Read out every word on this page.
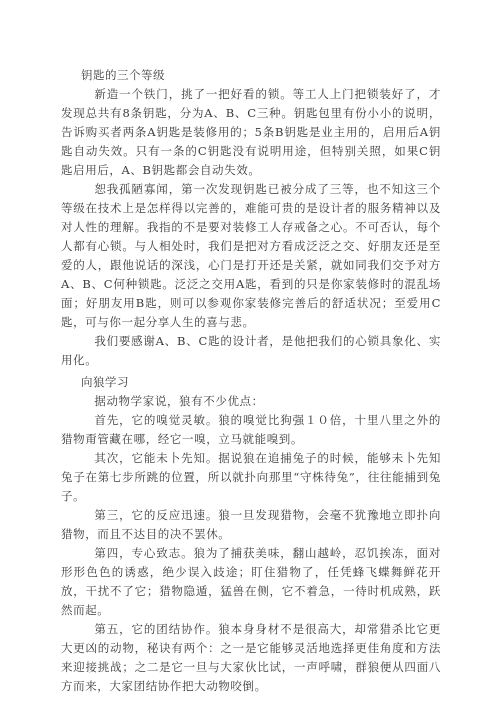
钥匙的三个等级

新造一个铁门，挑了一把好看的锁。等工人上门把锁装好了，才发现总共有8条钥匙，分为A、B、C三种。钥匙包里有份小小的说明，告诉购买者两条A钥匙是装修用的；5条B钥匙是业主用的，启用后A钥匙自动失效。只有一条的C钥匙没有说明用途，但特别关照，如果C钥匙启用后，A、B钥匙都会自动失效。

恕我孤陋寡闻，第一次发现钥匙已被分成了三等，也不知这三个等级在技术上是怎样得以完善的，难能可贵的是设计者的服务精神以及对人性的理解。我指的不是要对装修工人存戒备之心。不可否认，每个人都有心锁。与人相处时，我们是把对方看成泛泛之交、好朋友还是至爱的人，跟他说话的深浅，心门是打开还是关紧，就如同我们交予对方A、B、C何种锁匙。泛泛之交用A匙，看到的只是你家装修时的混乱场面；好朋友用B匙，则可以参观你家装修完善后的舒适状况；至爱用C匙，可与你一起分享人生的喜与悲。

我们要感谢A、B、C匙的设计者，是他把我们的心锁具象化、实用化。

向狼学习

据动物学家说，狼有不少优点：

首先，它的嗅觉灵敏。狼的嗅觉比狗强１０倍，十里八里之外的猎物甭管藏在哪，经它一嗅，立马就能嗅到。

其次，它能未卜先知。据说狼在追捕兔子的时候，能够未卜先知兔子在第七步所跳的位置，所以就扑向那里“守株待兔”，往往能捕到兔子。

第三，它的反应迅速。狼一旦发现猎物，会毫不犹豫地立即扑向猎物，而且不达目的决不罢休。

第四，专心致志。狼为了捕获美味，翻山越岭，忍饥挨冻，面对形形色色的诱惑，绝少误入歧途；盯住猎物了，任凭蜂飞蝶舞鲜花开放，干扰不了它；猎物隐遁，猛兽在侧，它不着急，一待时机成熟，跃然而起。

第五，它的团结协作。狼本身身材不是很高大，却常猎杀比它更大更凶的动物，秘诀有两个：之一是它能够灵活地选择更佳角度和方法来迎接挑战；之二是它一旦与大家伙比试，一声呼啸，群狼便从四面八方而来，大家团结协作把大动物咬倒。
